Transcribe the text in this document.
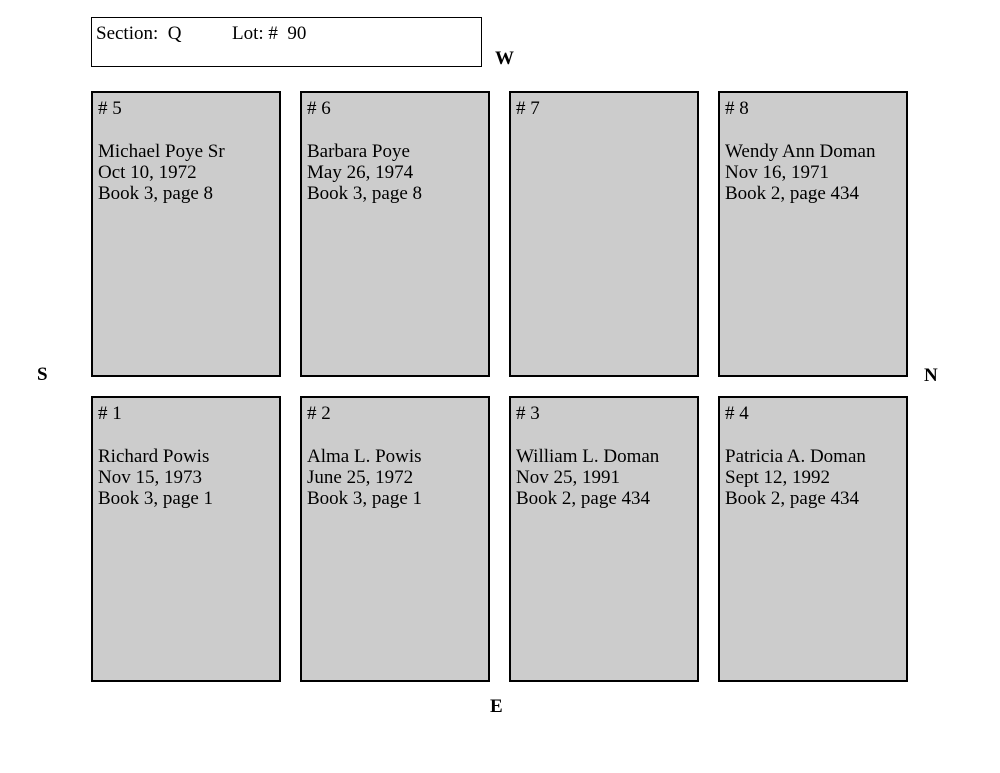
Section:  Q	Lot: #  90
W
E
S	N
# 5
Michael Poye Sr
Oct 10, 1972
Book 3, page 8
# 6
Barbara Poye
May 26, 1974
Book 3, page 8
# 7	# 8
Wendy Ann Doman
Nov 16, 1971
Book 2, page 434
# 1
Richard Powis
Nov 15, 1973
Book 3, page 1
# 2
Alma L. Powis
June 25, 1972
Book 3, page 1
# 3
William L. Doman
Nov 25, 1991
Book 2, page 434
# 4
Patricia A. Doman
Sept 12, 1992
Book 2, page 434
